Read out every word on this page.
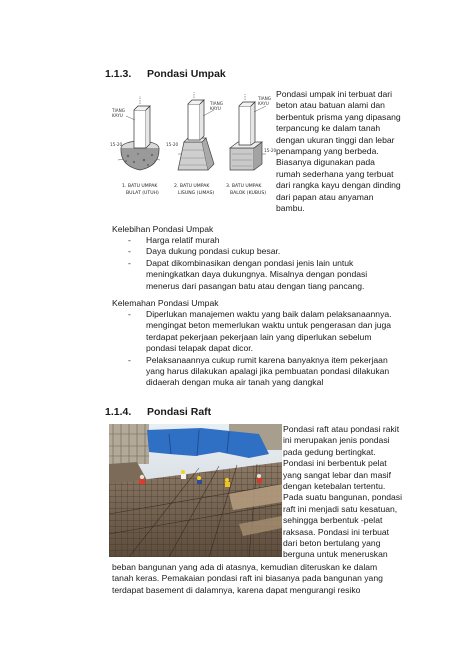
1.1.3. Pondasi Umpak
TIANG
KAYU
TIANG
KAYU
TIANG
KAYU
15-20	15-20
15-20
1. BATU UMPAK
BULAT (UTUH)
2. BATU UMPAK
LISUNG (LIMAS)
3. BATU UMPAK
BALOK (KUBUS)
Pondasi umpak ini terbuat dari
beton atau batuan alami dan
berbentuk prisma yang dipasang
terpancung ke dalam tanah
dengan ukuran tinggi dan lebar
penampang yang berbeda.
Biasanya digunakan pada
rumah sederhana yang terbuat
dari rangka kayu dengan dinding
dari papan atau anyaman
bambu.
Kelebihan Pondasi Umpak
- Harga relatif murah
- Daya dukung pondasi cukup besar.
- Dapat dikombinasikan dengan pondasi jenis lain untuk
meningkatkan daya dukungnya. Misalnya dengan pondasi
menerus dari pasangan batu atau dengan tiang pancang.
Kelemahan Pondasi Umpak
- Diperlukan manajemen waktu yang baik dalam pelaksanaannya.
mengingat beton memerlukan waktu untuk pengerasan dan juga
terdapat pekerjaan pekerjaan lain yang diperlukan sebelum
pondasi telapak dapat dicor.
- Pelaksanaannya cukup rumit karena banyaknya item pekerjaan
yang harus dilakukan apalagi jika pembuatan pondasi dilakukan
didaerah dengan muka air tanah yang dangkal
1.1.4. Pondasi Raft
Pondasi raft atau pondasi rakit
ini merupakan jenis pondasi
pada gedung bertingkat.
Pondasi ini berbentuk pelat
yang sangat lebar dan masif
dengan ketebalan tertentu.
Pada suatu bangunan, pondasi
raft ini menjadi satu kesatuan,
sehingga berbentuk -pelat
raksasa. Pondasi ini terbuat
dari beton bertulang yang
berguna untuk meneruskan
beban bangunan yang ada di atasnya, kemudian diteruskan ke dalam
tanah keras. Pemakaian pondasi raft ini biasanya pada bangunan yang
terdapat basement di dalamnya, karena dapat mengurangi resiko
